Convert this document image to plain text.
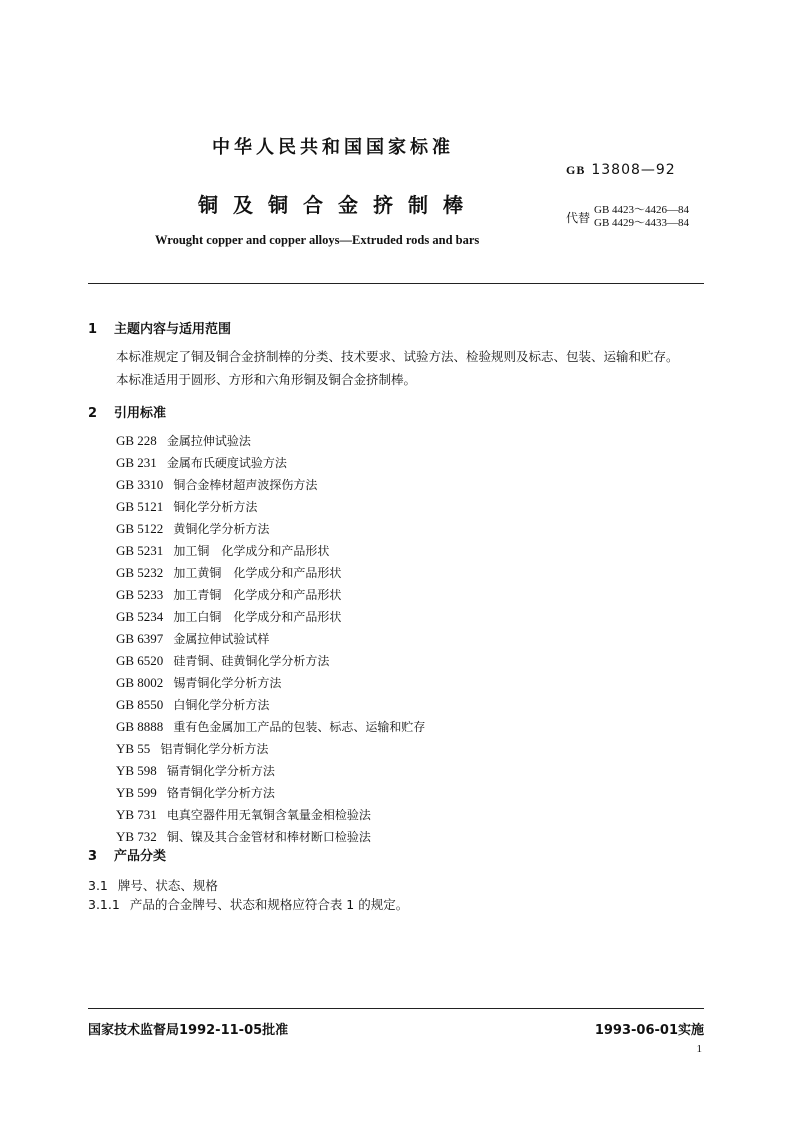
中华人民共和国国家标准
GB 13808—92
铜及铜合金挤制棒
代替
GB 4423～4426—84
GB 4429～4433—84
Wrought copper and copper alloys—Extruded rods and bars
1 主题内容与适用范围
本标准规定了铜及铜合金挤制棒的分类、技术要求、试验方法、检验规则及标志、包装、运输和贮存。
本标准适用于圆形、方形和六角形铜及铜合金挤制棒。
2 引用标准
GB 228 金属拉伸试验法
GB 231 金属布氏硬度试验方法
GB 3310 铜合金棒材超声波探伤方法
GB 5121 铜化学分析方法
GB 5122 黄铜化学分析方法
GB 5231 加工铜　化学成分和产品形状
GB 5232 加工黄铜　化学成分和产品形状
GB 5233 加工青铜　化学成分和产品形状
GB 5234 加工白铜　化学成分和产品形状
GB 6397 金属拉伸试验试样
GB 6520 硅青铜、硅黄铜化学分析方法
GB 8002 锡青铜化学分析方法
GB 8550 白铜化学分析方法
GB 8888 重有色金属加工产品的包装、标志、运输和贮存
YB 55 铝青铜化学分析方法
YB 598 镉青铜化学分析方法
YB 599 铬青铜化学分析方法
YB 731 电真空器件用无氧铜含氧量金相检验法
YB 732 铜、镍及其合金管材和棒材断口检验法
3 产品分类
3.1 牌号、状态、规格
3.1.1 产品的合金牌号、状态和规格应符合表 1 的规定。
国家技术监督局1992-11-05批准	1993-06-01实施
1
